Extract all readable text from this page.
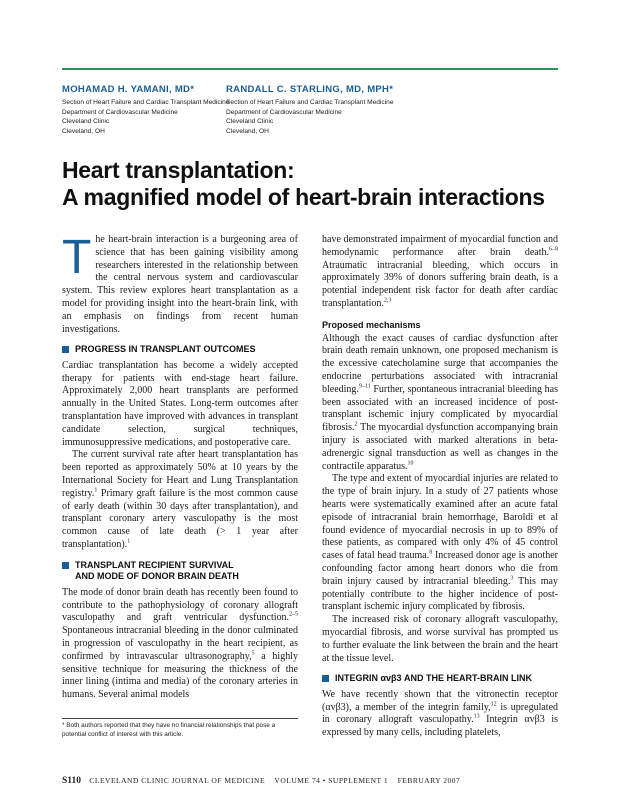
MOHAMAD H. YAMANI, MD*
Section of Heart Failure and Cardiac Transplant Medicine
Department of Cardiovascular Medicine
Cleveland Clinic
Cleveland, OH
RANDALL C. STARLING, MD, MPH*
Section of Heart Failure and Cardiac Transplant Medicine
Department of Cardiovascular Medicine
Cleveland Clinic
Cleveland, OH
Heart transplantation:
A magnified model of heart-brain interactions

The heart-brain interaction is a burgeoning area of science that has been gaining visibility among researchers interested in the relationship between the central nervous system and cardiovascular system. This review explores heart transplantation as a model for providing insight into the heart-brain link, with an emphasis on findings from recent human investigations.

PROGRESS IN TRANSPLANT OUTCOMES

Cardiac transplantation has become a widely accepted therapy for patients with end-stage heart failure. Approximately 2,000 heart transplants are performed annually in the United States. Long-term outcomes after transplantation have improved with advances in transplant candidate selection, surgical techniques, immunosuppressive medications, and postoperative care.

The current survival rate after heart transplantation has been reported as approximately 50% at 10 years by the International Society for Heart and Lung Transplantation registry.$^1$ Primary graft failure is the most common cause of early death (within 30 days after transplantation), and transplant coronary artery vasculopathy is the most common cause of late death (> 1 year after transplantation).$^1$

TRANSPLANT RECIPIENT SURVIVAL
AND MODE OF DONOR BRAIN DEATH

The mode of donor brain death has recently been found to contribute to the pathophysiology of coronary allograft vasculopathy and graft ventricular dysfunction.$^{2-5}$ Spontaneous intracranial bleeding in the donor culminated in progression of vasculopathy in the heart recipient, as confirmed by intravascular ultrasonography,$^5$ a highly sensitive technique for measuring the thickness of the inner lining (intima and media) of the coronary arteries in humans. Several animal models

have demonstrated impairment of myocardial function and hemodynamic performance after brain death.$^{6-8}$ Atraumatic intracranial bleeding, which occurs in approximately 39% of donors suffering brain death, is a potential independent risk factor for death after cardiac transplantation.$^{2,3}$

Proposed mechanisms

Although the exact causes of cardiac dysfunction after brain death remain unknown, one proposed mechanism is the excessive catecholamine surge that accompanies the endocrine perturbations associated with intracranial bleeding.$^{9-11}$ Further, spontaneous intracranial bleeding has been associated with an increased incidence of post-transplant ischemic injury complicated by myocardial fibrosis.$^2$ The myocardial dysfunction accompanying brain injury is associated with marked alterations in beta-adrenergic signal transduction as well as changes in the contractile apparatus.$^{10}$

The type and extent of myocardial injuries are related to the type of brain injury. In a study of 27 patients whose hearts were systematically examined after an acute fatal episode of intracranial brain hemorrhage, Baroldi et al found evidence of myocardial necrosis in up to 89% of these patients, as compared with only 4% of 45 control cases of fatal head trauma.$^8$ Increased donor age is another confounding factor among heart donors who die from brain injury caused by intracranial bleeding.$^3$ This may potentially contribute to the higher incidence of post-transplant ischemic injury complicated by fibrosis.

The increased risk of coronary allograft vasculopathy, myocardial fibrosis, and worse survival has prompted us to further evaluate the link between the brain and the heart at the tissue level.

INTEGRIN αvβ3 AND THE HEART-BRAIN LINK

We have recently shown that the vitronectin receptor (αvβ3), a member of the integrin family,$^{12}$ is upregulated in coronary allograft vasculopathy.$^{13}$ Integrin αvβ3 is expressed by many cells, including platelets,

* Both authors reported that they have no financial relationships that pose a potential conflict of interest with this article.
S110 CLEVELAND CLINIC JOURNAL OF MEDICINE VOLUME 74 • SUPPLEMENT 1 FEBRUARY 2007
